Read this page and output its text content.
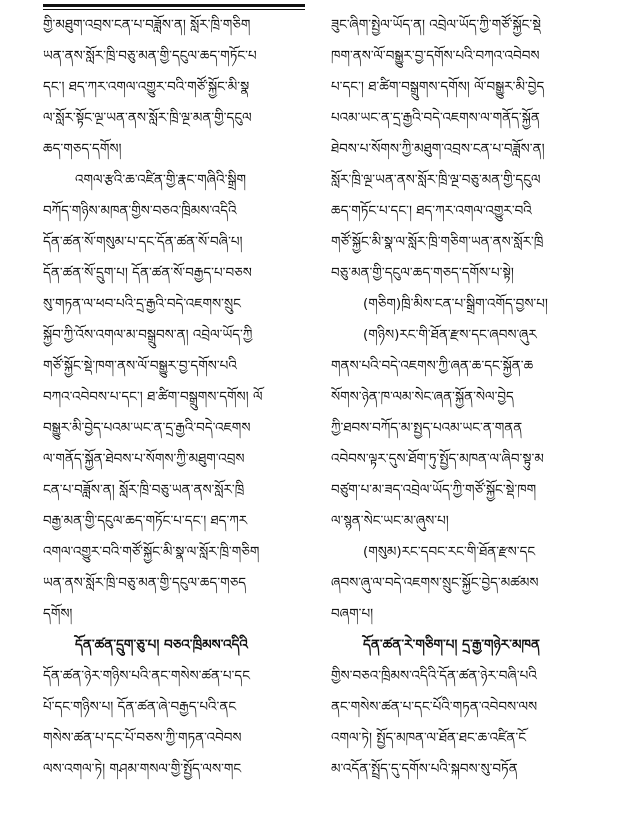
གྱི་མཐུག་འབྲས་ངན་པ་བཟློས་ན། སློར་ཁྲི་གཅིག
ཡན་ནས་སློར་ཁྲི་བཅུ་མན་གྱི་དངུལ་ཆད་གཏོང་པ
དང་། ཐད་ཀར་འགལ་འགྱུར་བའི་གཙོ་སྐྱོང་མི་སྣ
ལ་སློར་སྟོང་ལྔ་ཡན་ནས་སློར་ཁྲི་ལྔ་མན་གྱི་དངུལ
ཆད་གཅད་དགོས།
འགལ་རྩའི་ཆ་འཛིན་གྱི་རྣང་གཞིའི་སྒྲིག
བཀོད་གཉིས་མཁན་གྱིས་བཅའ་ཁྲིམས་འདིའི
དོན་ཚན་སོ་གསུམ་པ་དང་དོན་ཚན་སོ་བཞི་པ།
དོན་ཚན་སོ་དྲུག་པ། དོན་ཚན་སོ་བརྒྱད་པ་བཅས
སུ་གཏན་ལ་ཕབ་པའི་དྲ་རྒྱའི་བདེ་འཇགས་སྲུང
སྐྱོབ་ཀྱི་འོས་འགལ་མ་བསྒྲུབས་ན། འབྲེལ་ཡོད་ཀྱི
གཙོ་སྐྱོང་སྡེ་ཁག་ནས་ལོ་བསྒྱུར་བྱ་དགོས་པའི
བཀའ་འབེབས་པ་དང་། ཐ་ཚིག་བསྒྲུགས་དགོས། ལོ
བསྒྱུར་མི་བྱེད་པའམ་ཡང་ན་དྲ་རྒྱའི་བདེ་འཇགས
ལ་གནོད་སྐྱོན་ཐེབས་པ་སོགས་ཀྱི་མཐུག་འབྲས
ངན་པ་བཟློས་ན། སློར་ཁྲི་བཅུ་ཡན་ནས་སློར་ཁྲི
བརྒྱ་མན་གྱི་དངུལ་ཆད་གཏོང་པ་དང་། ཐད་ཀར
འགལ་འགྱུར་བའི་གཙོ་སྐྱོང་མི་སྣ་ལ་སློར་ཁྲི་གཅིག
ཡན་ནས་སློར་ཁྲི་བཅུ་མན་གྱི་དངུལ་ཆད་གཅད
དགོས།
དོན་ཚན་དྲུག་ཅུ་པ། བཅའ་ཁྲིམས་འདིའི
དོན་ཚན་ཉེར་གཉིས་པའི་ནང་གསེས་ཚན་པ་དང
པོ་དང་གཉིས་པ། དོན་ཚན་ཞེ་བརྒྱད་པའི་ནང
གསེས་ཚན་པ་དང་པོ་བཅས་ཀྱི་གཏན་འབེབས
ལས་འགལ་ཏེ། གཤམ་གསལ་གྱི་སྤྱོད་ལས་གང
ཟུང་ཞིག་སྤྱེལ་ཡོད་ན། འབྲེལ་ཡོད་ཀྱི་གཙོ་སྐྱོང་སྡེ
ཁག་ནས་ལོ་བསྒྱུར་བྱ་དགོས་པའི་བཀའ་འབེབས
པ་དང་། ཐ་ཚིག་བསྒྲུགས་དགོས། ལོ་བསྒྱུར་མི་བྱེད
པའམ་ཡང་ན་དྲ་རྒྱའི་བདེ་འཇགས་ལ་གནོད་སྐྱོན
ཐེབས་པ་སོགས་ཀྱི་མཐུག་འབྲས་ངན་པ་བཟློས་ན།
སློར་ཁྲི་ལྔ་ཡན་ནས་སློར་ཁྲི་ལྔ་བཅུ་མན་གྱི་དངུལ
ཆད་གཏོང་པ་དང་། ཐད་ཀར་འགལ་འགྱུར་བའི
གཙོ་སྐྱོང་མི་སྣ་ལ་སློར་ཁྲི་གཅིག་ཡན་ནས་སློར་ཁྲི
བཅུ་མན་གྱི་དངུལ་ཆད་གཅད་དགོས་པ་སྟེ།
(གཅིག)ཁྲི་མིས་ངན་པ་སྒྲིག་འགོད་བྱས་པ།
(གཉིས)རང་གི་ཐོན་རྫས་དང་ཞབས་ཞུར
གནས་པའི་བདེ་འཇགས་ཀྱི་ཞན་ཆ་དང་སྐྱོན་ཆ
སོགས་ཉེན་ཁ་ལམ་སེང་ཞན་སྐྱོན་སེལ་བྱེད
ཀྱི་ཐབས་བཀོད་མ་སྤྱད་པའམ་ཡང་ན་གནན
འབེབས་ལྟར་དུས་ཐོག་ཏུ་སྤྱོད་མཁན་ལ་ཞིབ་སྟུ་མ
བཙུག་པ་མ་ཟད་འབྲེལ་ཡོད་ཀྱི་གཙོ་སྐྱོང་སྡེ་ཁག
ལ་སྙན་སེང་ཡང་མ་ཞུས་པ།
(གསུམ)རང་དབང་རང་གི་ཐོན་རྫས་དང
ཞབས་ཞུ་ལ་བདེ་འཇགས་སྲུང་སྐྱོང་བྱེད་མཚམས
བཞག་པ།
དོན་ཚན་རེ་གཅིག་པ། དྲ་རྒྱ་གཉེར་མཁན
གྱིས་བཅའ་ཁྲིམས་འདིའི་དོན་ཚན་ཉེར་བཞི་པའི
ནང་གསེས་ཚན་པ་དང་པོའི་གཏན་འབེབས་ལས
འགལ་ཏེ། སྤྱོད་མཁན་ལ་ཐོན་ཐང་ཆ་འཛིན་ངོ
མ་འདོན་སྤྲོད་དུ་དགོས་པའི་སྐབས་སུ་བཏོན
